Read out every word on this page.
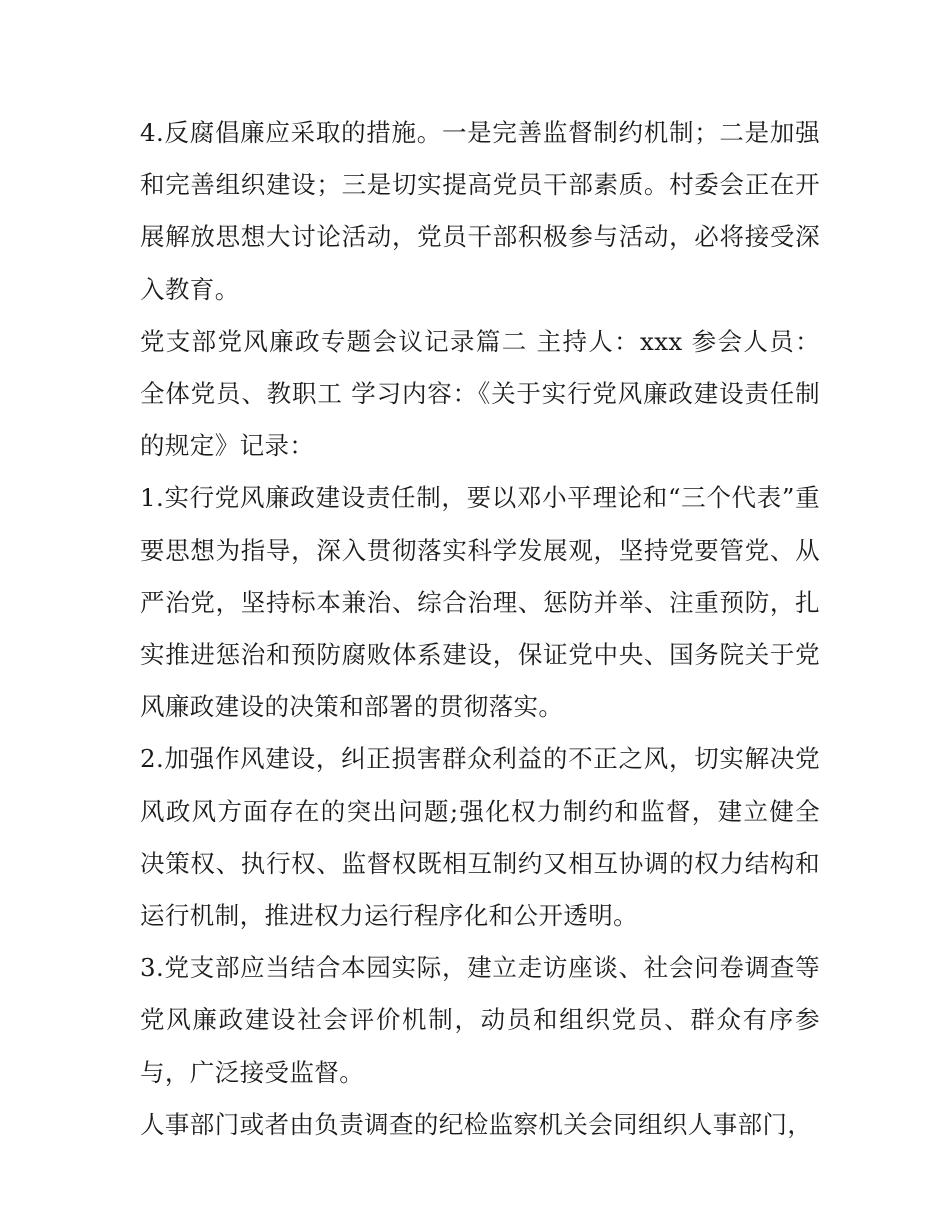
4.反腐倡廉应采取的措施。一是完善监督制约机制；二是加强和完善组织建设；三是切实提高党员干部素质。村委会正在开展解放思想大讨论活动，党员干部积极参与活动，必将接受深入教育。

党支部党风廉政专题会议记录篇二 主持人：xxx 参会人员：全体党员、教职工 学习内容：《关于实行党风廉政建设责任制的规定》记录：

1.实行党风廉政建设责任制，要以邓小平理论和“三个代表”重要思想为指导，深入贯彻落实科学发展观，坚持党要管党、从严治党，坚持标本兼治、综合治理、惩防并举、注重预防，扎实推进惩治和预防腐败体系建设，保证党中央、国务院关于党风廉政建设的决策和部署的贯彻落实。

2.加强作风建设，纠正损害群众利益的不正之风，切实解决党风政风方面存在的突出问题;强化权力制约和监督，建立健全决策权、执行权、监督权既相互制约又相互协调的权力结构和运行机制，推进权力运行程序化和公开透明。

3.党支部应当结合本园实际，建立走访座谈、社会问卷调查等党风廉政建设社会评价机制，动员和组织党员、群众有序参与，广泛接受监督。

人事部门或者由负责调查的纪检监察机关会同组织人事部门，
